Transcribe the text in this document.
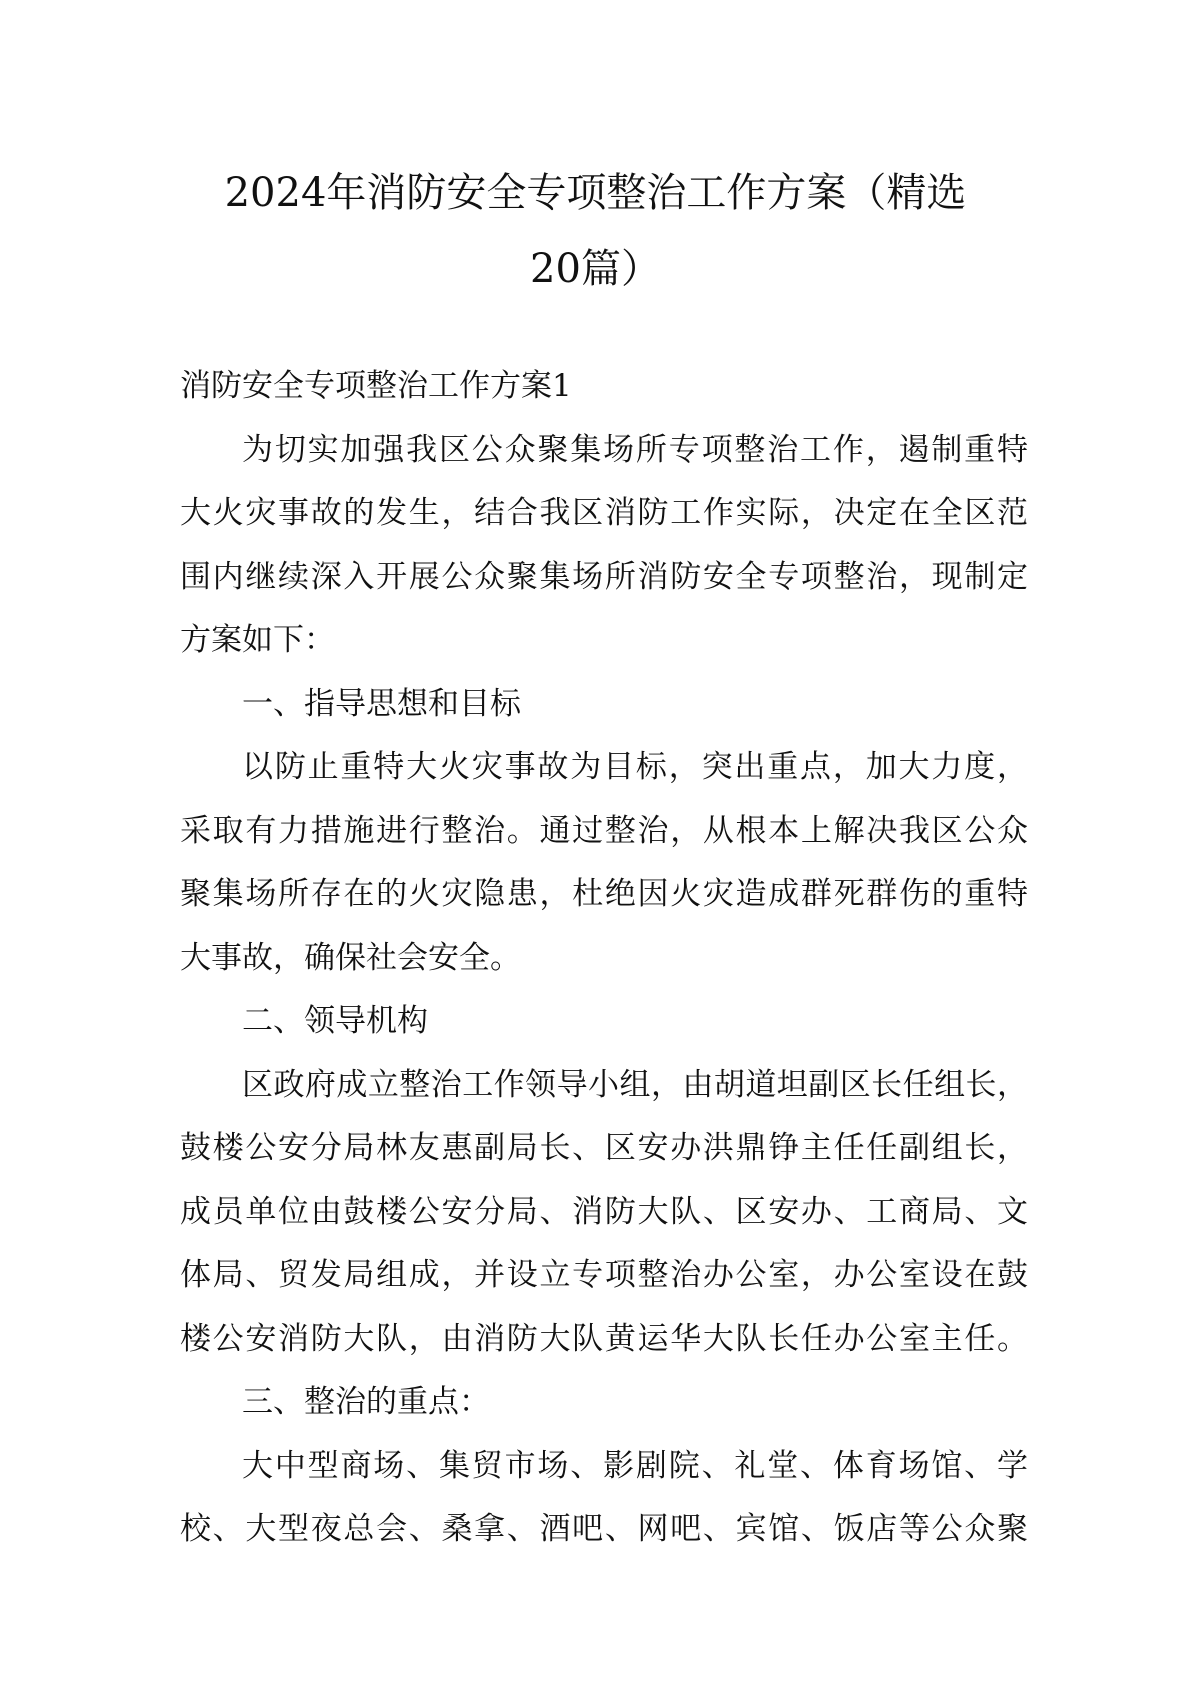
2024年消防安全专项整治工作方案（精选
20篇）

消防安全专项整治工作方案1

为切实加强我区公众聚集场所专项整治工作，遏制重特

大火灾事故的发生，结合我区消防工作实际，决定在全区范

围内继续深入开展公众聚集场所消防安全专项整治，现制定

方案如下：

一、指导思想和目标

以防止重特大火灾事故为目标，突出重点，加大力度，

采取有力措施进行整治。通过整治，从根本上解决我区公众

聚集场所存在的火灾隐患，杜绝因火灾造成群死群伤的重特

大事故，确保社会安全。

二、领导机构

区政府成立整治工作领导小组，由胡道坦副区长任组长，

鼓楼公安分局林友惠副局长、区安办洪鼎铮主任任副组长，

成员单位由鼓楼公安分局、消防大队、区安办、工商局、文

体局、贸发局组成，并设立专项整治办公室，办公室设在鼓

楼公安消防大队，由消防大队黄运华大队长任办公室主任。

三、整治的重点：

大中型商场、集贸市场、影剧院、礼堂、体育场馆、学

校、大型夜总会、桑拿、酒吧、网吧、宾馆、饭店等公众聚
